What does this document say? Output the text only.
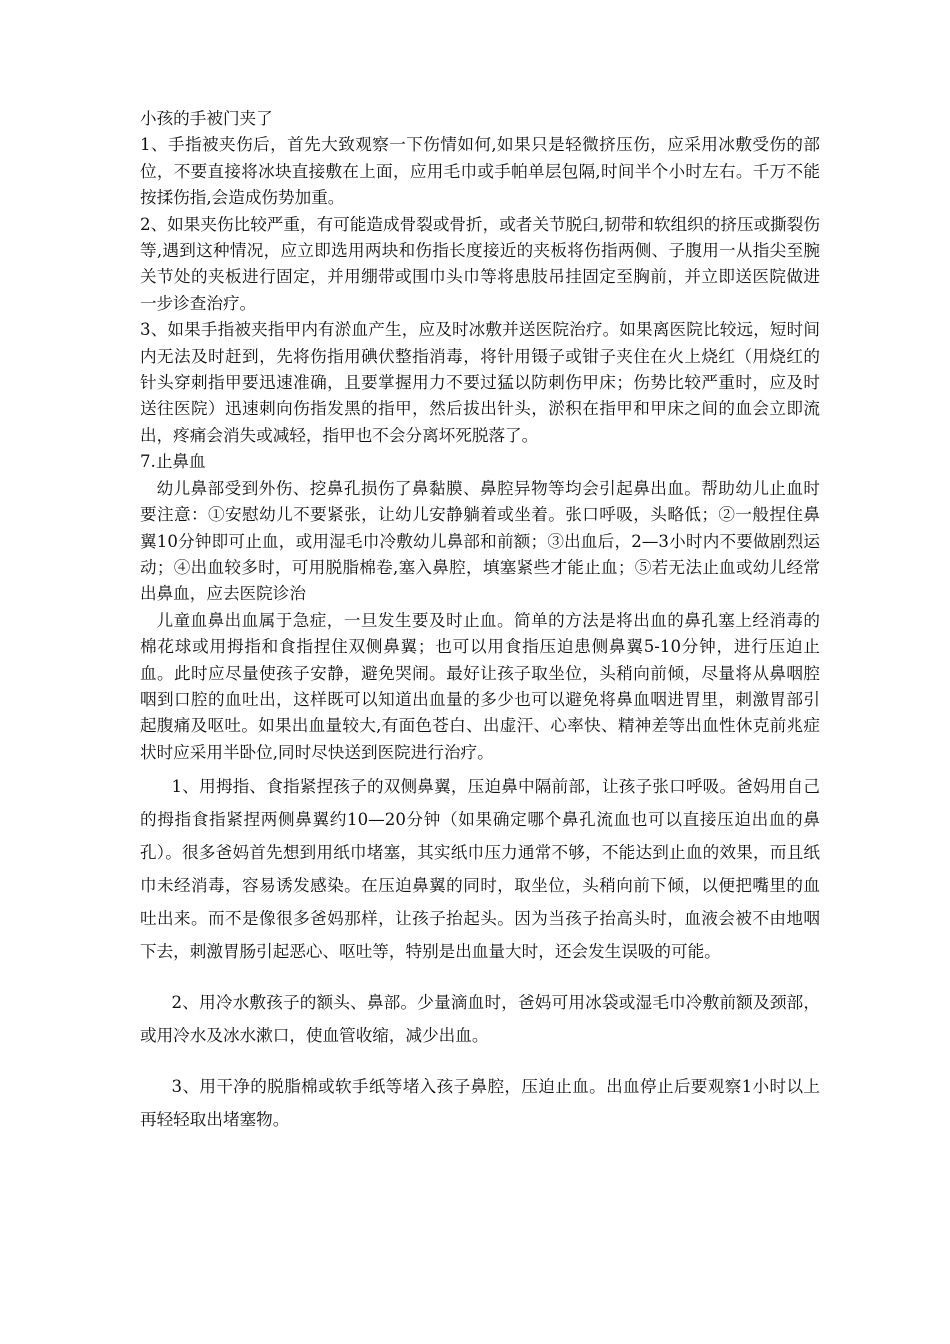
小孩的手被门夹了

1、手指被夹伤后，首先大致观察一下伤情如何,如果只是轻微挤压伤，应采用冰敷受伤的部位，不要直接将冰块直接敷在上面，应用毛巾或手帕单层包隔,时间半个小时左右。千万不能按揉伤指,会造成伤势加重。

2、如果夹伤比较严重，有可能造成骨裂或骨折，或者关节脱臼,韧带和软组织的挤压或撕裂伤等,遇到这种情况，应立即选用两块和伤指长度接近的夹板将伤指两侧、子腹用一从指尖至腕关节处的夹板进行固定，并用绷带或围巾头巾等将患肢吊挂固定至胸前，并立即送医院做进一步诊查治疗。

3、如果手指被夹指甲内有淤血产生，应及时冰敷并送医院治疗。如果离医院比较远，短时间内无法及时赶到，先将伤指用碘伏整指消毒，将针用镊子或钳子夹住在火上烧红（用烧红的针头穿刺指甲要迅速准确，且要掌握用力不要过猛以防刺伤甲床；伤势比较严重时，应及时送往医院）迅速刺向伤指发黑的指甲，然后拔出针头，淤积在指甲和甲床之间的血会立即流出，疼痛会消失或减轻，指甲也不会分离坏死脱落了。

7.止鼻血

幼儿鼻部受到外伤、挖鼻孔损伤了鼻黏膜、鼻腔异物等均会引起鼻出血。帮助幼儿止血时要注意：①安慰幼儿不要紧张，让幼儿安静躺着或坐着。张口呼吸，头略低；②一般捏住鼻翼10分钟即可止血，或用湿毛巾冷敷幼儿鼻部和前额；③出血后，2—3小时内不要做剧烈运动；④出血较多时，可用脱脂棉卷,塞入鼻腔，填塞紧些才能止血；⑤若无法止血或幼儿经常出鼻血，应去医院诊治

儿童血鼻出血属于急症，一旦发生要及时止血。简单的方法是将出血的鼻孔塞上经消毒的棉花球或用拇指和食指捏住双侧鼻翼；也可以用食指压迫患侧鼻翼5-10分钟，进行压迫止血。此时应尽量使孩子安静，避免哭闹。最好让孩子取坐位，头稍向前倾，尽量将从鼻咽腔咽到口腔的血吐出，这样既可以知道出血量的多少也可以避免将鼻血咽进胃里，刺激胃部引起腹痛及呕吐。如果出血量较大,有面色苍白、出虚汗、心率快、精神差等出血性休克前兆症状时应采用半卧位,同时尽快送到医院进行治疗。

1、用拇指、食指紧捏孩子的双侧鼻翼，压迫鼻中隔前部，让孩子张口呼吸。爸妈用自己的拇指食指紧捏两侧鼻翼约10—20分钟（如果确定哪个鼻孔流血也可以直接压迫出血的鼻孔）。很多爸妈首先想到用纸巾堵塞，其实纸巾压力通常不够，不能达到止血的效果，而且纸巾未经消毒，容易诱发感染。在压迫鼻翼的同时，取坐位，头稍向前下倾，以便把嘴里的血吐出来。而不是像很多爸妈那样，让孩子抬起头。因为当孩子抬高头时，血液会被不由地咽下去，刺激胃肠引起恶心、呕吐等，特别是出血量大时，还会发生误吸的可能。

2、用冷水敷孩子的额头、鼻部。少量滴血时，爸妈可用冰袋或湿毛巾冷敷前额及颈部，或用冷水及冰水漱口，使血管收缩，减少出血。

3、用干净的脱脂棉或软手纸等堵入孩子鼻腔，压迫止血。出血停止后要观察1小时以上再轻轻取出堵塞物。
